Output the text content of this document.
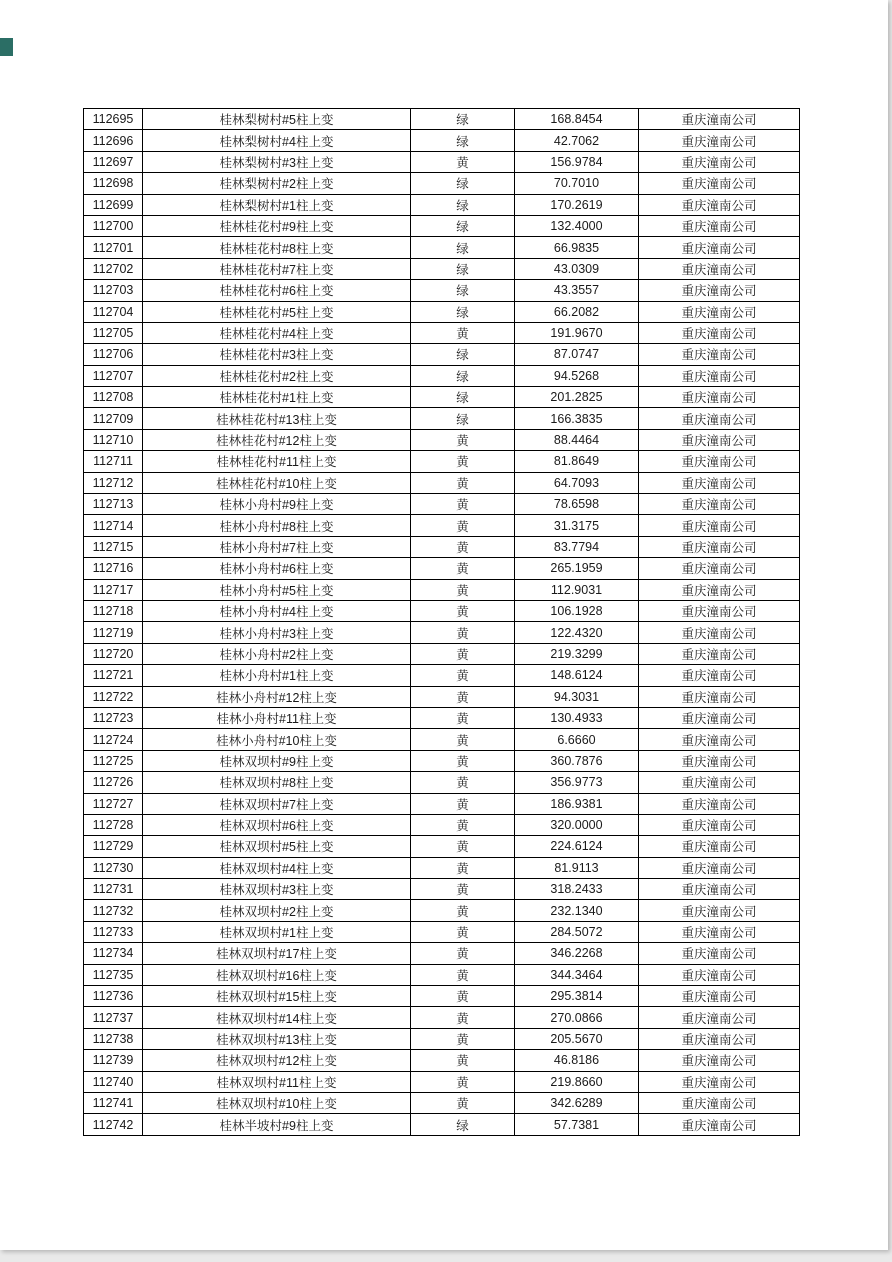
112695	桂林梨树村#5柱上变	绿	168.8454	重庆潼南公司
112696	桂林梨树村#4柱上变	绿	42.7062	重庆潼南公司
112697	桂林梨树村#3柱上变	黄	156.9784	重庆潼南公司
112698	桂林梨树村#2柱上变	绿	70.7010	重庆潼南公司
112699	桂林梨树村#1柱上变	绿	170.2619	重庆潼南公司
112700	桂林桂花村#9柱上变	绿	132.4000	重庆潼南公司
112701	桂林桂花村#8柱上变	绿	66.9835	重庆潼南公司
112702	桂林桂花村#7柱上变	绿	43.0309	重庆潼南公司
112703	桂林桂花村#6柱上变	绿	43.3557	重庆潼南公司
112704	桂林桂花村#5柱上变	绿	66.2082	重庆潼南公司
112705	桂林桂花村#4柱上变	黄	191.9670	重庆潼南公司
112706	桂林桂花村#3柱上变	绿	87.0747	重庆潼南公司
112707	桂林桂花村#2柱上变	绿	94.5268	重庆潼南公司
112708	桂林桂花村#1柱上变	绿	201.2825	重庆潼南公司
112709	桂林桂花村#13柱上变	绿	166.3835	重庆潼南公司
112710	桂林桂花村#12柱上变	黄	88.4464	重庆潼南公司
112711	桂林桂花村#11柱上变	黄	81.8649	重庆潼南公司
112712	桂林桂花村#10柱上变	黄	64.7093	重庆潼南公司
112713	桂林小舟村#9柱上变	黄	78.6598	重庆潼南公司
112714	桂林小舟村#8柱上变	黄	31.3175	重庆潼南公司
112715	桂林小舟村#7柱上变	黄	83.7794	重庆潼南公司
112716	桂林小舟村#6柱上变	黄	265.1959	重庆潼南公司
112717	桂林小舟村#5柱上变	黄	112.9031	重庆潼南公司
112718	桂林小舟村#4柱上变	黄	106.1928	重庆潼南公司
112719	桂林小舟村#3柱上变	黄	122.4320	重庆潼南公司
112720	桂林小舟村#2柱上变	黄	219.3299	重庆潼南公司
112721	桂林小舟村#1柱上变	黄	148.6124	重庆潼南公司
112722	桂林小舟村#12柱上变	黄	94.3031	重庆潼南公司
112723	桂林小舟村#11柱上变	黄	130.4933	重庆潼南公司
112724	桂林小舟村#10柱上变	黄	6.6660	重庆潼南公司
112725	桂林双坝村#9柱上变	黄	360.7876	重庆潼南公司
112726	桂林双坝村#8柱上变	黄	356.9773	重庆潼南公司
112727	桂林双坝村#7柱上变	黄	186.9381	重庆潼南公司
112728	桂林双坝村#6柱上变	黄	320.0000	重庆潼南公司
112729	桂林双坝村#5柱上变	黄	224.6124	重庆潼南公司
112730	桂林双坝村#4柱上变	黄	81.9113	重庆潼南公司
112731	桂林双坝村#3柱上变	黄	318.2433	重庆潼南公司
112732	桂林双坝村#2柱上变	黄	232.1340	重庆潼南公司
112733	桂林双坝村#1柱上变	黄	284.5072	重庆潼南公司
112734	桂林双坝村#17柱上变	黄	346.2268	重庆潼南公司
112735	桂林双坝村#16柱上变	黄	344.3464	重庆潼南公司
112736	桂林双坝村#15柱上变	黄	295.3814	重庆潼南公司
112737	桂林双坝村#14柱上变	黄	270.0866	重庆潼南公司
112738	桂林双坝村#13柱上变	黄	205.5670	重庆潼南公司
112739	桂林双坝村#12柱上变	黄	46.8186	重庆潼南公司
112740	桂林双坝村#11柱上变	黄	219.8660	重庆潼南公司
112741	桂林双坝村#10柱上变	黄	342.6289	重庆潼南公司
112742	桂林半坡村#9柱上变	绿	57.7381	重庆潼南公司
